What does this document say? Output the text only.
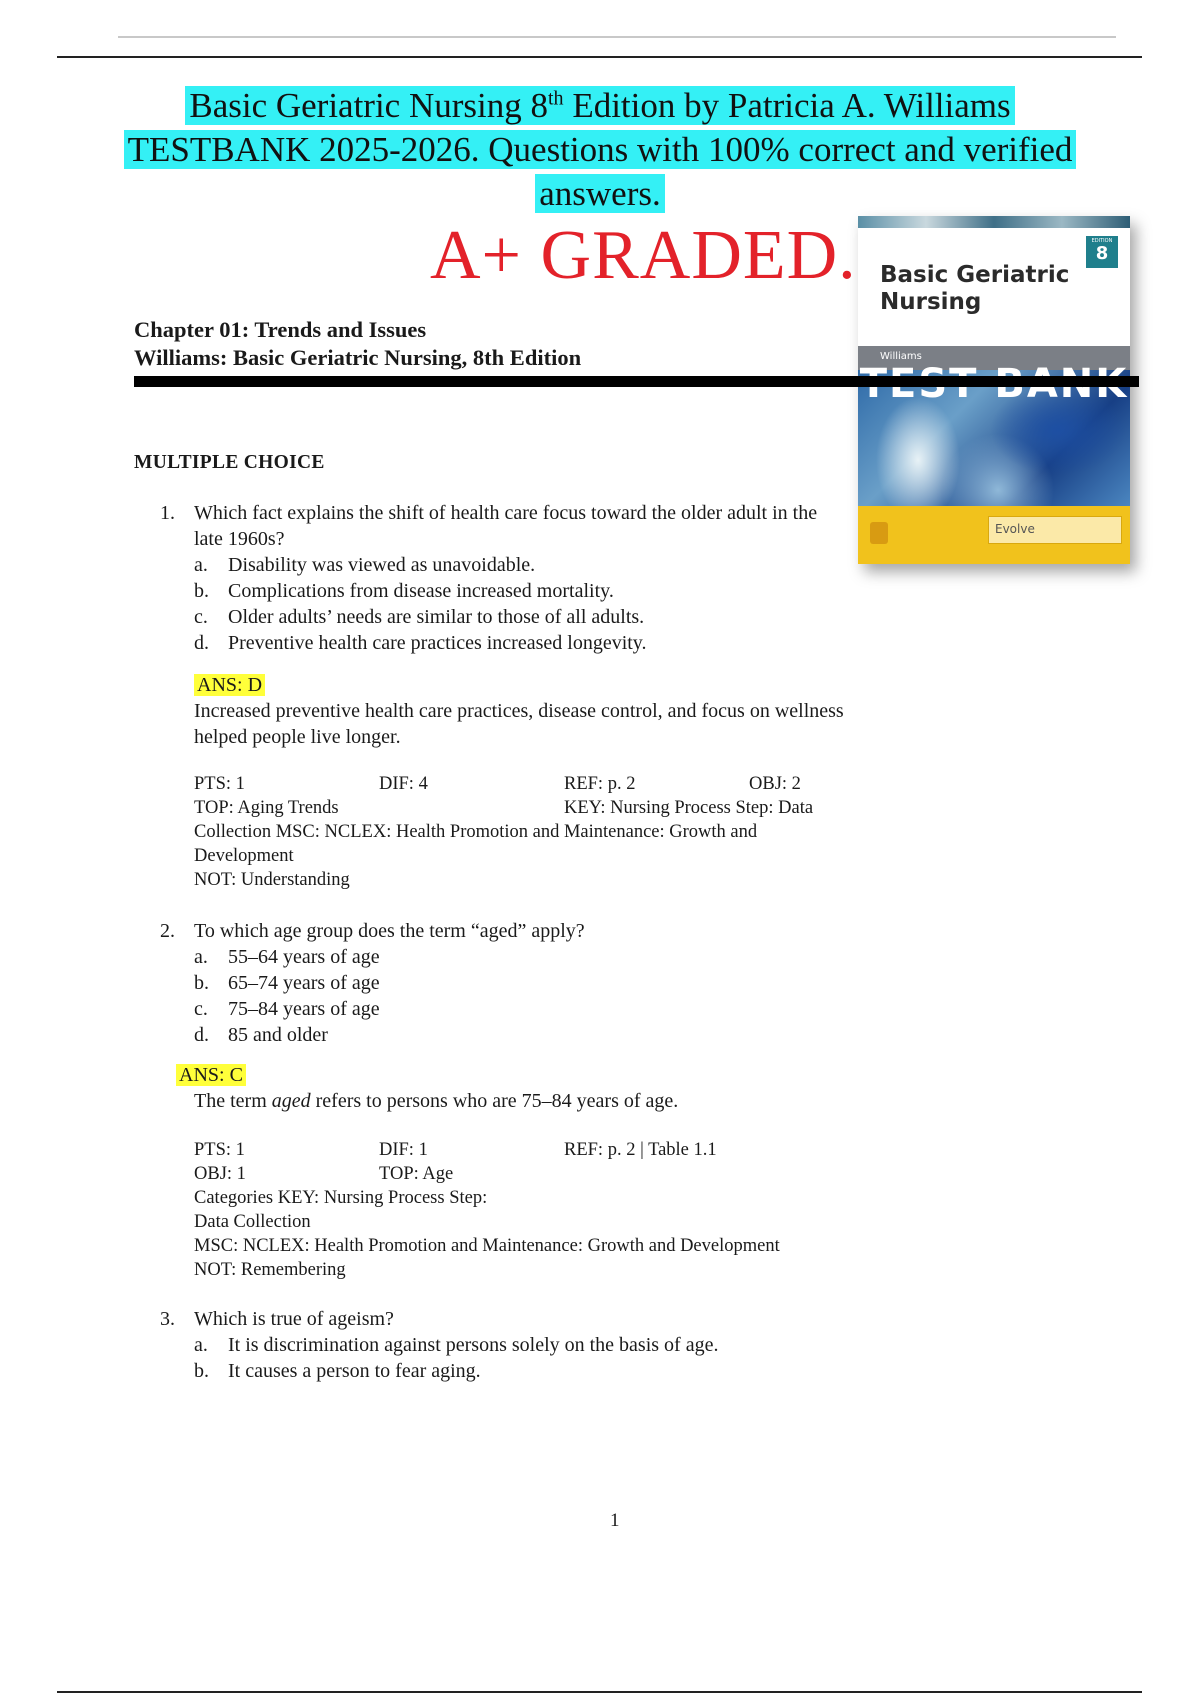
Basic Geriatric Nursing 8th Edition by Patricia A. Williams
TESTBANK 2025-2026. Questions with 100% correct and verified
answers.
A+ GRADED.	EDITION
8
Basic Geriatric Nursing
Williams
Evolve
Chapter 01: Trends and Issues
Williams: Basic Geriatric Nursing, 8th Edition
MULTIPLE CHOICE
1. Which fact explains the shift of health care focus toward the older adult in the late 1960s?
a. Disability was viewed as unavoidable.
b. Complications from disease increased mortality.
c. Older adults’ needs are similar to those of all adults.
d. Preventive health care practices increased longevity.
ANS: D
Increased preventive health care practices, disease control, and focus on wellness helped people live longer.
PTS: 1	DIF: 4	REF: p. 2	OBJ: 2
TOP: Aging Trends	KEY: Nursing Process Step: Data
Collection MSC: NCLEX: Health Promotion and Maintenance: Growth and
Development
NOT: Understanding
2. To which age group does the term “aged” apply?
a. 55–64 years of age
b. 65–74 years of age
c. 75–84 years of age
d. 85 and older
ANS: C
The term aged refers to persons who are 75–84 years of age.
PTS: 1	DIF: 1	REF: p. 2 | Table 1.1
OBJ: 1	TOP: Age
Categories KEY: Nursing Process Step:
Data Collection
MSC: NCLEX: Health Promotion and Maintenance: Growth and Development
NOT: Remembering
3. Which is true of ageism?
a. It is discrimination against persons solely on the basis of age.
b. It causes a person to fear aging.
1
